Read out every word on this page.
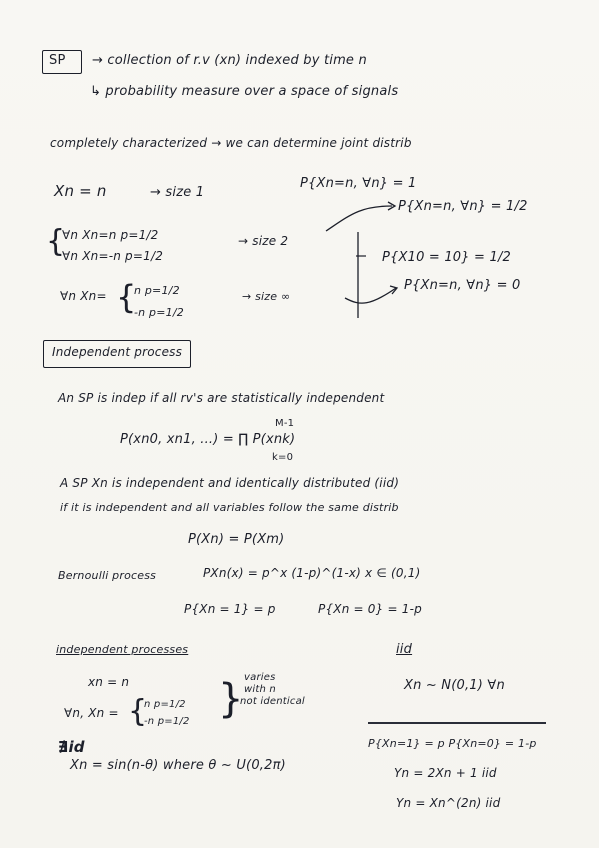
SP → collection of r.v (xn) indexed by time n
↳ probability measure over a space of signals
completely characterized → we can determine joint distrib
Xn = n	→ size 1
P{Xn=n, ∀n} = 1
{
∀n Xn=n p=1/2
∀n Xn=-n p=1/2
→ size 2
P{Xn=n, ∀n} = 1/2
P{X10 = 10} = 1/2
∀n Xn= {
n p=1/2
-n p=1/2
→ size ∞
P{Xn=n, ∀n} = 0
Independent process
An SP is indep if all rv's are statistically independent
M-1
P(xn0, xn1, ...) = ∏ P(xnk)
k=0
A SP Xn is independent and identically distributed (iid)
if it is independent and all variables follow the same distrib
P(Xn) = P(Xm)
Bernoulli process	PXn(x) = p^x (1-p)^(1-x) x ∈ (0,1)
P{Xn = 1} = p	P{Xn = 0} = 1-p
independent processes	iid
xn = n	Xn ~ N(0,1) ∀n
∀n, Xn = {
n p=1/2
-n p=1/2 } varies
with n
not identical
∄id	P{Xn=1} = p P{Xn=0} = 1-p
Xn = sin(n-θ) where θ ~ U(0,2π)	Yn = 2Xn + 1 iid
Yn = Xn^(2n) iid
